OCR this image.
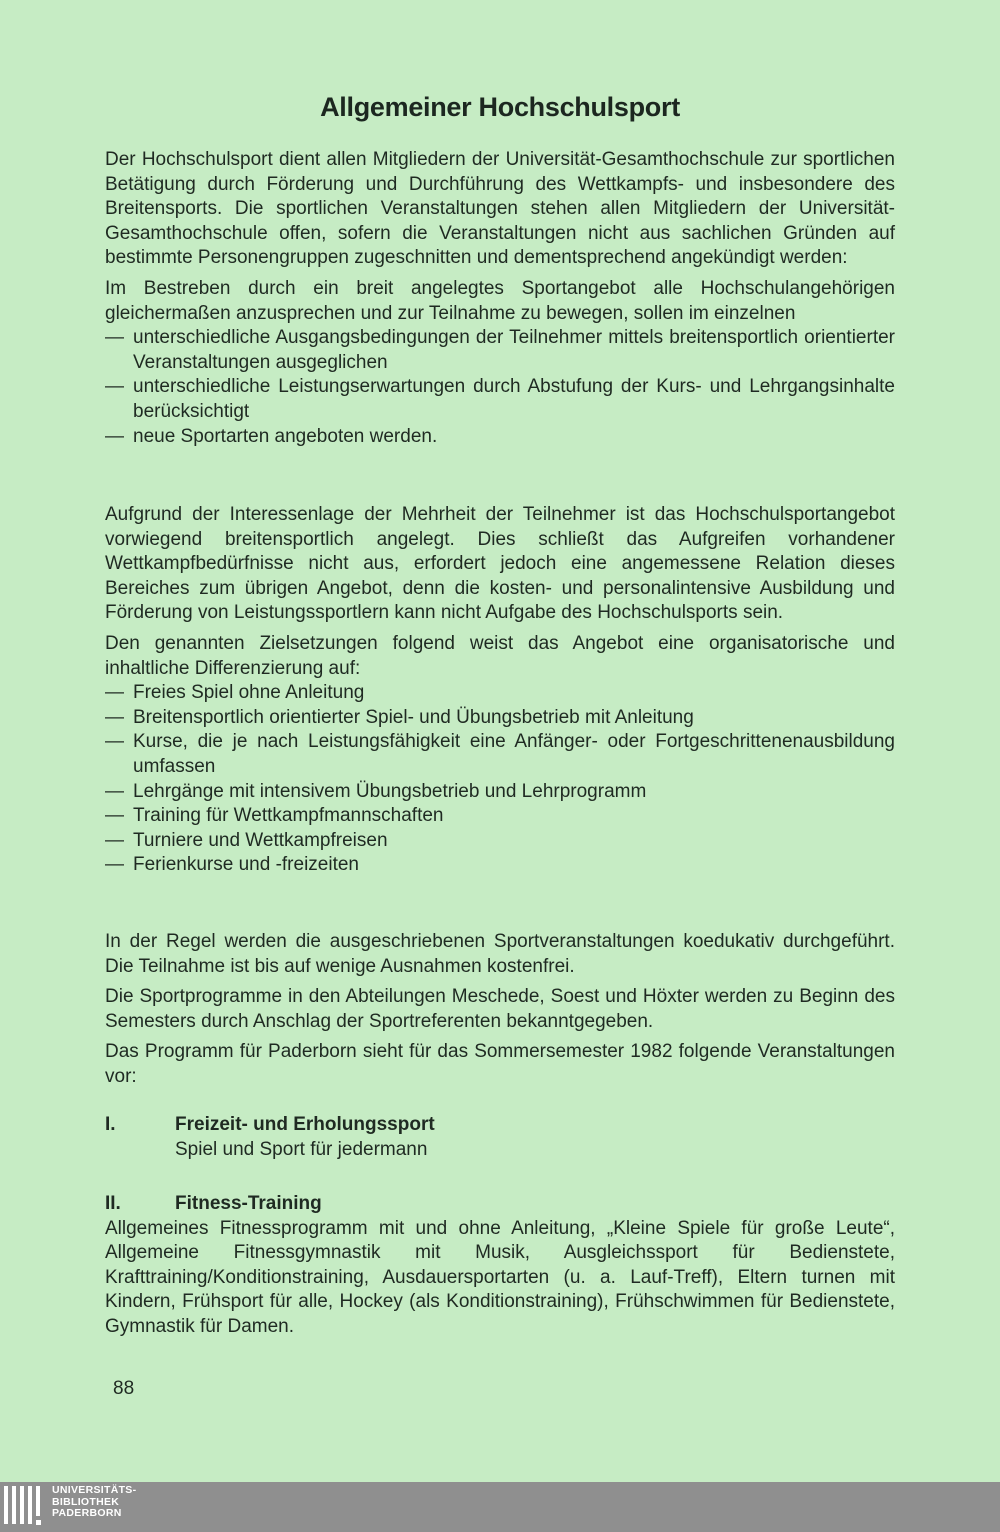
Allgemeiner Hochschulsport

Der Hochschulsport dient allen Mitgliedern der Universität-Gesamthochschule zur sportlichen Betätigung durch Förderung und Durchführung des Wettkampfs- und insbesondere des Breitensports. Die sportlichen Veranstaltungen stehen allen Mitgliedern der Universität-Gesamthochschule offen, sofern die Veranstaltungen nicht aus sachlichen Gründen auf bestimmte Personengruppen zugeschnitten und dementsprechend angekündigt werden:

Im Bestreben durch ein breit angelegtes Sportangebot alle Hochschulangehörigen gleichermaßen anzusprechen und zur Teilnahme zu bewegen, sollen im einzelnen

— unterschiedliche Ausgangsbedingungen der Teilnehmer mittels breitensportlich orientierter Veranstaltungen ausgeglichen
— unterschiedliche Leistungserwartungen durch Abstufung der Kurs- und Lehrgangsinhalte berücksichtigt
— neue Sportarten angeboten werden.

Aufgrund der Interessenlage der Mehrheit der Teilnehmer ist das Hochschulsportangebot vorwiegend breitensportlich angelegt. Dies schließt das Aufgreifen vorhandener Wettkampfbedürfnisse nicht aus, erfordert jedoch eine angemessene Relation dieses Bereiches zum übrigen Angebot, denn die kosten- und personalintensive Ausbildung und Förderung von Leistungssportlern kann nicht Aufgabe des Hochschulsports sein.

Den genannten Zielsetzungen folgend weist das Angebot eine organisatorische und inhaltliche Differenzierung auf:

— Freies Spiel ohne Anleitung
— Breitensportlich orientierter Spiel- und Übungsbetrieb mit Anleitung
— Kurse, die je nach Leistungsfähigkeit eine Anfänger- oder Fortgeschrittenenausbildung umfassen
— Lehrgänge mit intensivem Übungsbetrieb und Lehrprogramm
— Training für Wettkampfmannschaften
— Turniere und Wettkampfreisen
— Ferienkurse und -freizeiten

In der Regel werden die ausgeschriebenen Sportveranstaltungen koedukativ durchgeführt. Die Teilnahme ist bis auf wenige Ausnahmen kostenfrei.

Die Sportprogramme in den Abteilungen Meschede, Soest und Höxter werden zu Beginn des Semesters durch Anschlag der Sportreferenten bekanntgegeben.

Das Programm für Paderborn sieht für das Sommersemester 1982 folgende Veranstaltungen vor:

I.	Freizeit- und Erholungssport

Spiel und Sport für jedermann

II.	Fitness-Training

Allgemeines Fitnessprogramm mit und ohne Anleitung, „Kleine Spiele für große Leute“, Allgemeine Fitnessgymnastik mit Musik, Ausgleichssport für Bedienstete, Krafttraining/Konditionstraining, Ausdauersportarten (u. a. Lauf-Treff), Eltern turnen mit Kindern, Frühsport für alle, Hockey (als Konditionstraining), Frühschwimmen für Bedienstete, Gymnastik für Damen.

88
UNIVERSITÄTS-
BIBLIOTHEK
PADERBORN
